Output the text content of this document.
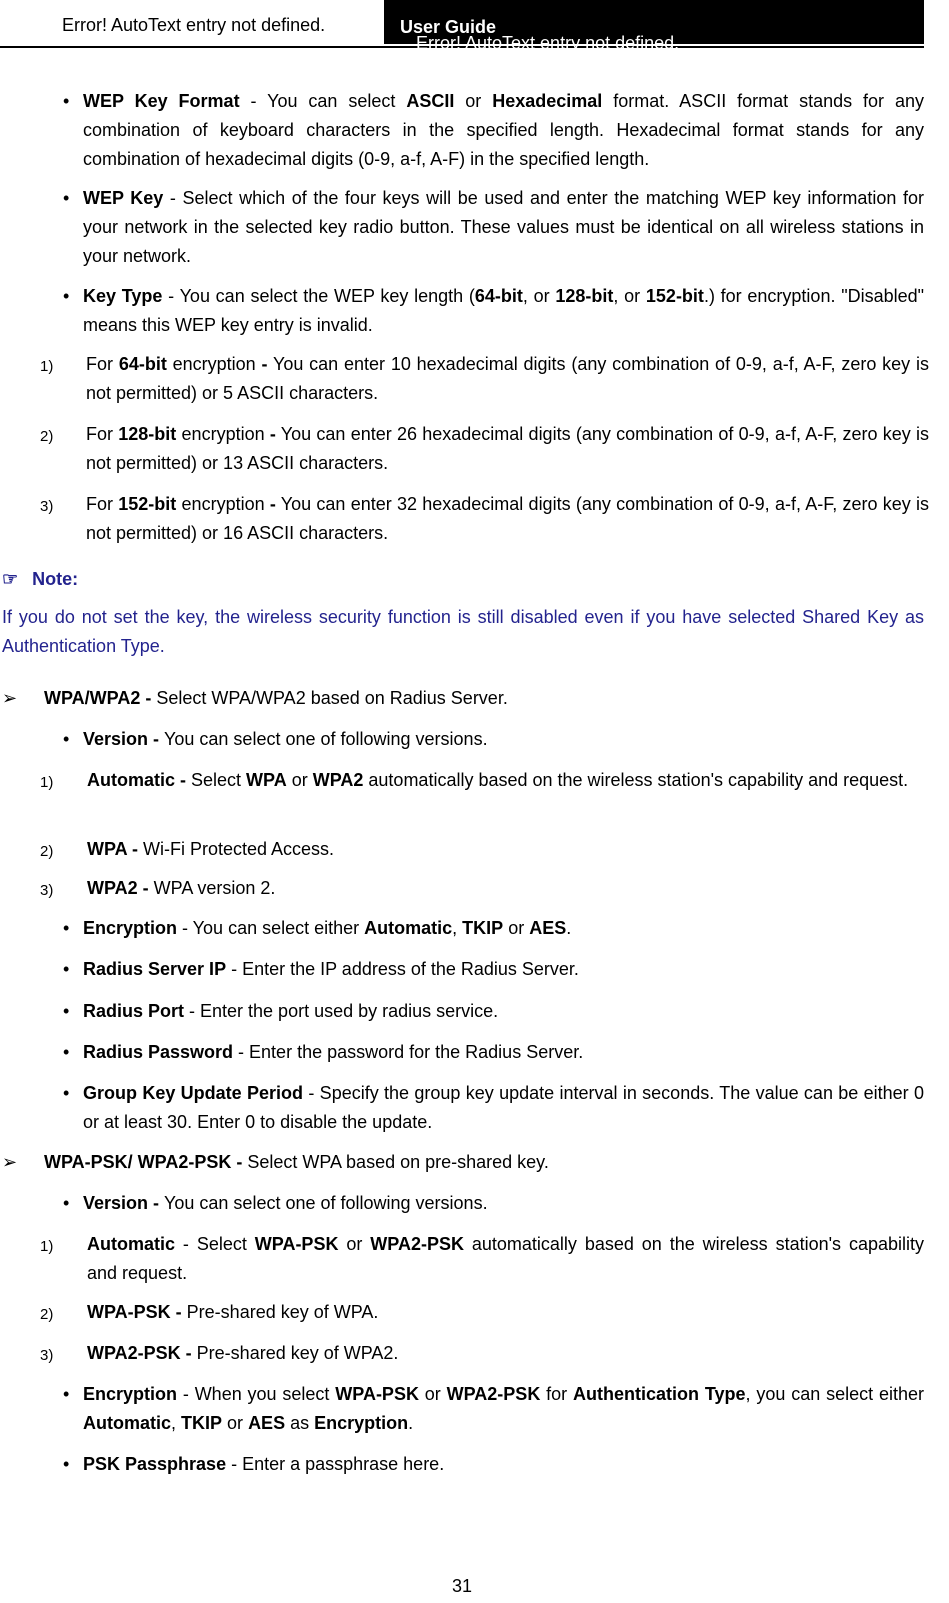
Error! AutoText entry not defined.
Error! AutoText entry not defined.
User Guide
• WEP Key Format - You can select ASCII or Hexadecimal format. ASCII format stands for any combination of keyboard characters in the specified length. Hexadecimal format stands for any combination of hexadecimal digits (0-9, a-f, A-F) in the specified length.
• WEP Key - Select which of the four keys will be used and enter the matching WEP key information for your network in the selected key radio button. These values must be identical on all wireless stations in your network.
• Key Type - You can select the WEP key length (64-bit, or 128-bit, or 152-bit.) for encryption. "Disabled" means this WEP key entry is invalid.
1) For 64-bit encryption - You can enter 10 hexadecimal digits (any combination of 0-9, a-f, A-F, zero key is not permitted) or 5 ASCII characters.
2) For 128-bit encryption - You can enter 26 hexadecimal digits (any combination of 0-9, a-f, A-F, zero key is not permitted) or 13 ASCII characters.
3) For 152-bit encryption - You can enter 32 hexadecimal digits (any combination of 0-9, a-f, A-F, zero key is not permitted) or 16 ASCII characters.
☞ Note:
If you do not set the key, the wireless security function is still disabled even if you have selected Shared Key as Authentication Type.
➢ WPA/WPA2 - Select WPA/WPA2 based on Radius Server.
• Version - You can select one of following versions.
1) Automatic - Select WPA or WPA2 automatically based on the wireless station's capability and request.
2) WPA - Wi-Fi Protected Access.
3) WPA2 - WPA version 2.
• Encryption - You can select either Automatic, TKIP or AES.
• Radius Server IP - Enter the IP address of the Radius Server.
• Radius Port - Enter the port used by radius service.
• Radius Password - Enter the password for the Radius Server.
• Group Key Update Period - Specify the group key update interval in seconds. The value can be either 0 or at least 30. Enter 0 to disable the update.
➢ WPA-PSK/ WPA2-PSK - Select WPA based on pre-shared key.
• Version - You can select one of following versions.
1) Automatic - Select WPA-PSK or WPA2-PSK automatically based on the wireless station's capability and request.
2) WPA-PSK - Pre-shared key of WPA.
3) WPA2-PSK - Pre-shared key of WPA2.
• Encryption - When you select WPA-PSK or WPA2-PSK for Authentication Type, you can select either Automatic, TKIP or AES as Encryption.
• PSK Passphrase - Enter a passphrase here.
31
